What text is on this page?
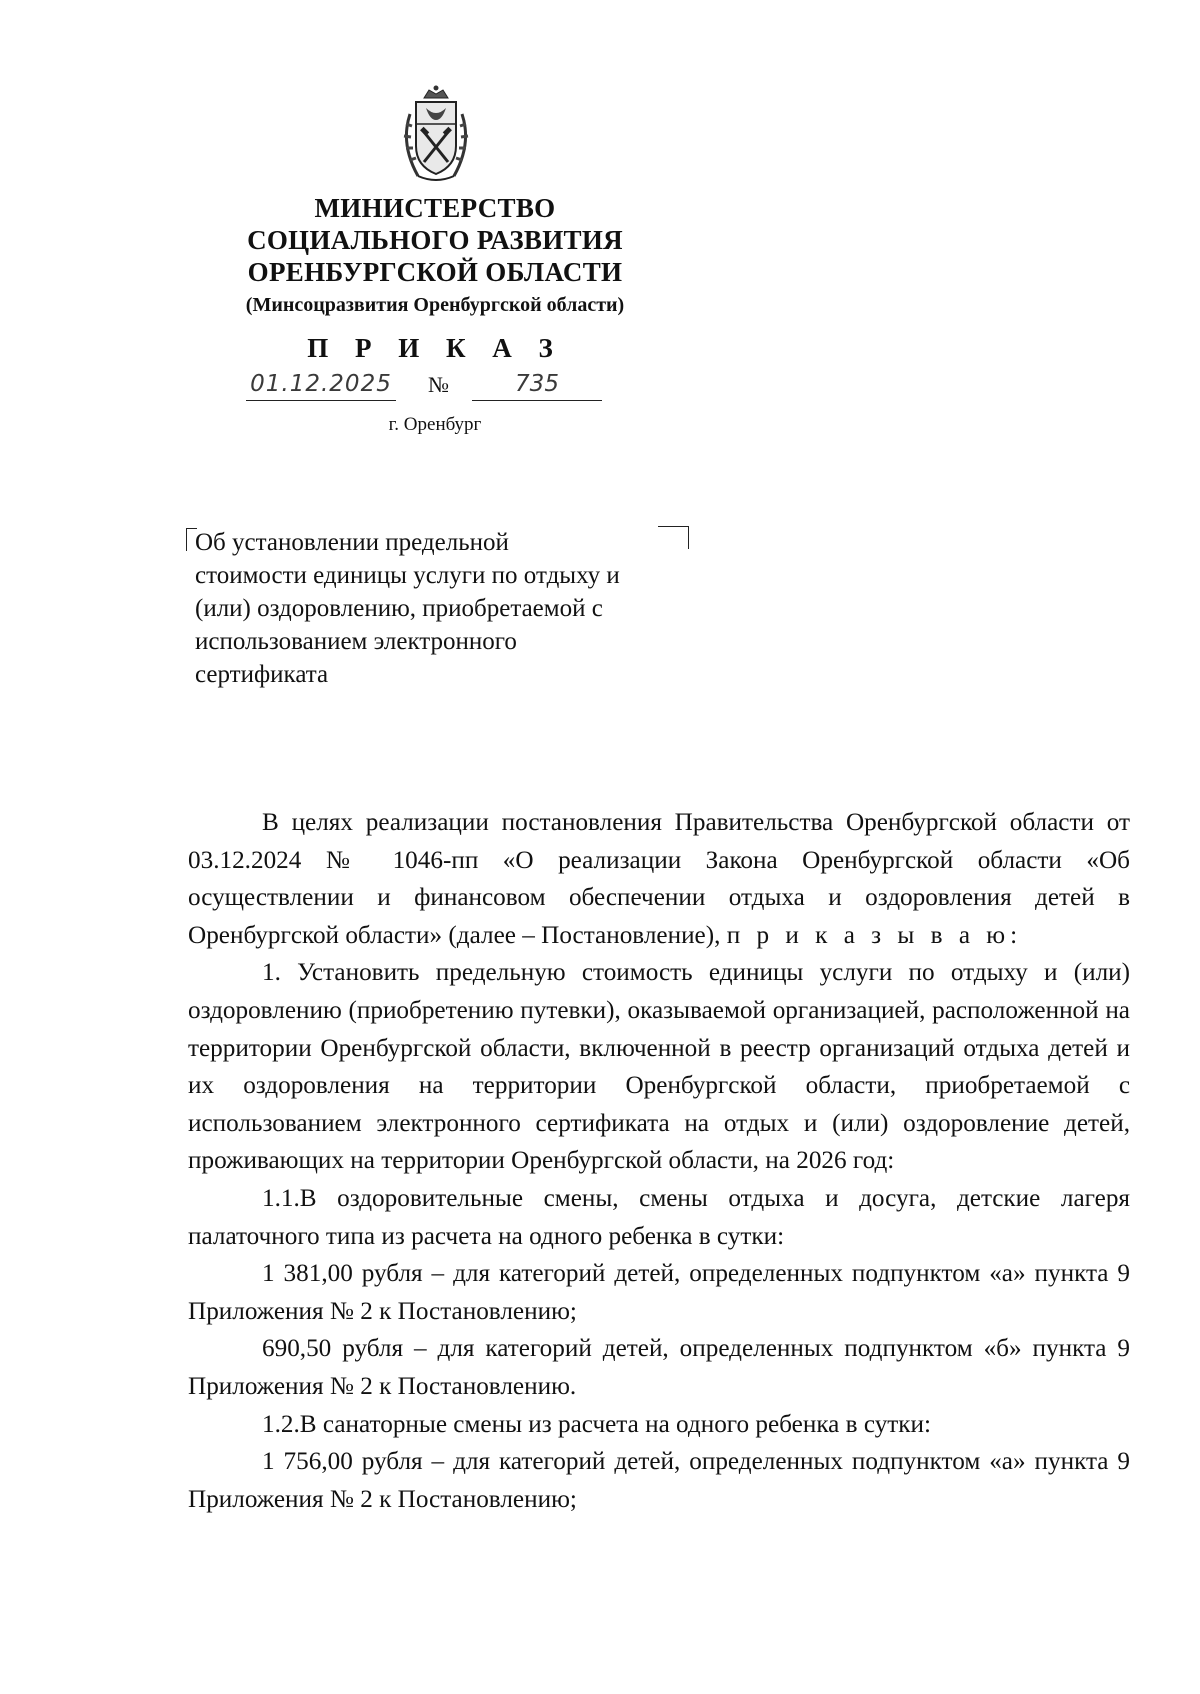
МИНИСТЕРСТВО
СОЦИАЛЬНОГО РАЗВИТИЯ
ОРЕНБУРГСКОЙ ОБЛАСТИ
(Минсоцразвития Оренбургской области)
П Р И К А З
01.12.2025 №	735
г. Оренбург
Об установлении предельной
стоимости единицы услуги по отдыху и
(или) оздоровлению, приобретаемой с
использованием электронного
сертификата

В целях реализации постановления Правительства Оренбургской области от 03.12.2024 № 1046-пп «О реализации Закона Оренбургской области «Об осуществлении и финансовом обеспечении отдыха и оздоровления детей в Оренбургской области» (далее – Постановление), п р и к а з ы в а ю:

1. Установить предельную стоимость единицы услуги по отдыху и (или) оздоровлению (приобретению путевки), оказываемой организацией, расположенной на территории Оренбургской области, включенной в реестр организаций отдыха детей и их оздоровления на территории Оренбургской области, приобретаемой с использованием электронного сертификата на отдых и (или) оздоровление детей, проживающих на территории Оренбургской области, на 2026 год:

1.1.В оздоровительные смены, смены отдыха и досуга, детские лагеря палаточного типа из расчета на одного ребенка в сутки:

1 381,00 рубля – для категорий детей, определенных подпунктом «а» пункта 9 Приложения № 2 к Постановлению;

690,50 рубля – для категорий детей, определенных подпунктом «б» пункта 9 Приложения № 2 к Постановлению.

1.2.В санаторные смены из расчета на одного ребенка в сутки:

1 756,00 рубля – для категорий детей, определенных подпунктом «а» пункта 9 Приложения № 2 к Постановлению;
